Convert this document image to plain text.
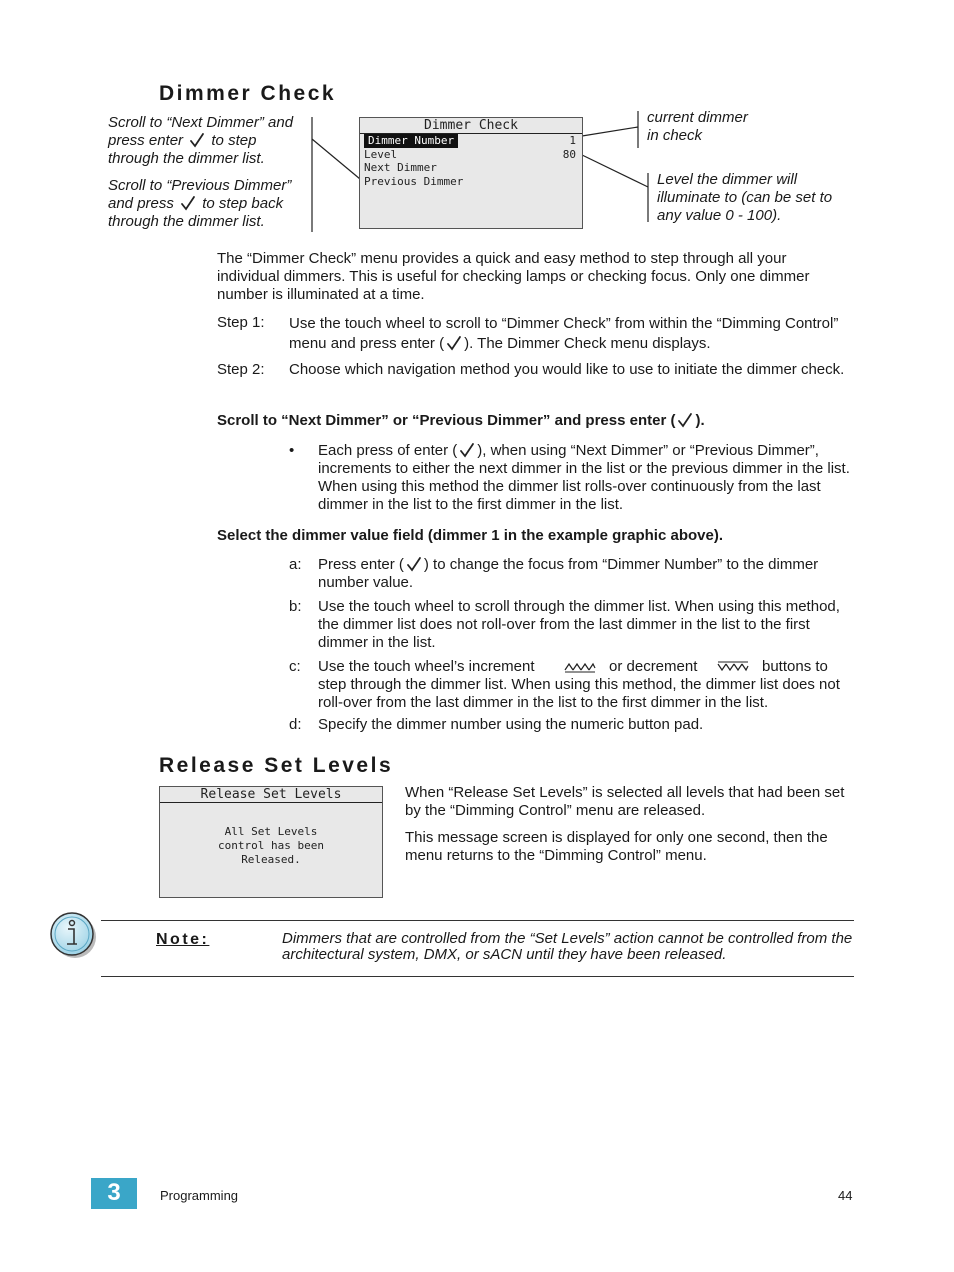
Dimmer Check
Scroll to “Next Dimmer” and
press enter to step
through the dimmer list.
Scroll to “Previous Dimmer”
and press to step back
through the dimmer list.
Dimmer Check
Dimmer Number	1
Level	80
Next Dimmer
Previous Dimmer
current dimmer
in check
Level the dimmer will
illuminate to (can be set to
any value 0 - 100).
The “Dimmer Check” menu provides a quick and easy method to step through all your individual dimmers. This is useful for checking lamps or checking focus. Only one dimmer number is illuminated at a time.
Step 1: Use the touch wheel to scroll to “Dimmer Check” from within the “Dimming Control” menu and press enter ( ). The Dimmer Check menu displays.
Step 2: Choose which navigation method you would like to use to initiate the dimmer check.
Scroll to “Next Dimmer” or “Previous Dimmer” and press enter ( ).
• Each press of enter ( ), when using “Next Dimmer” or “Previous Dimmer”, increments to either the next dimmer in the list or the previous dimmer in the list. When using this method the dimmer list rolls-over continuously from the last dimmer in the list to the first dimmer in the list.
Select the dimmer value field (dimmer 1 in the example graphic above).
a: Press enter ( ) to change the focus from “Dimmer Number” to the dimmer number value.
b: Use the touch wheel to scroll through the dimmer list. When using this method, the dimmer list does not roll-over from the last dimmer in the list to the first dimmer in the list.
c: Use the touch wheel’s increment	or decrement	buttons to
step through the dimmer list. When using this method, the dimmer list does not roll-over from the last dimmer in the list to the first dimmer in the list.
d: Specify the dimmer number using the numeric button pad.
Release Set Levels
Release Set Levels
All Set Levels
control has been
Released.
When “Release Set Levels” is selected all levels that had been set by the “Dimming Control” menu are released.
This message screen is displayed for only one second, then the menu returns to the “Dimming Control” menu.
Note:	Dimmers that are controlled from the “Set Levels” action cannot be controlled from the architectural system, DMX, or sACN until they have been released.
3	Programming	44
